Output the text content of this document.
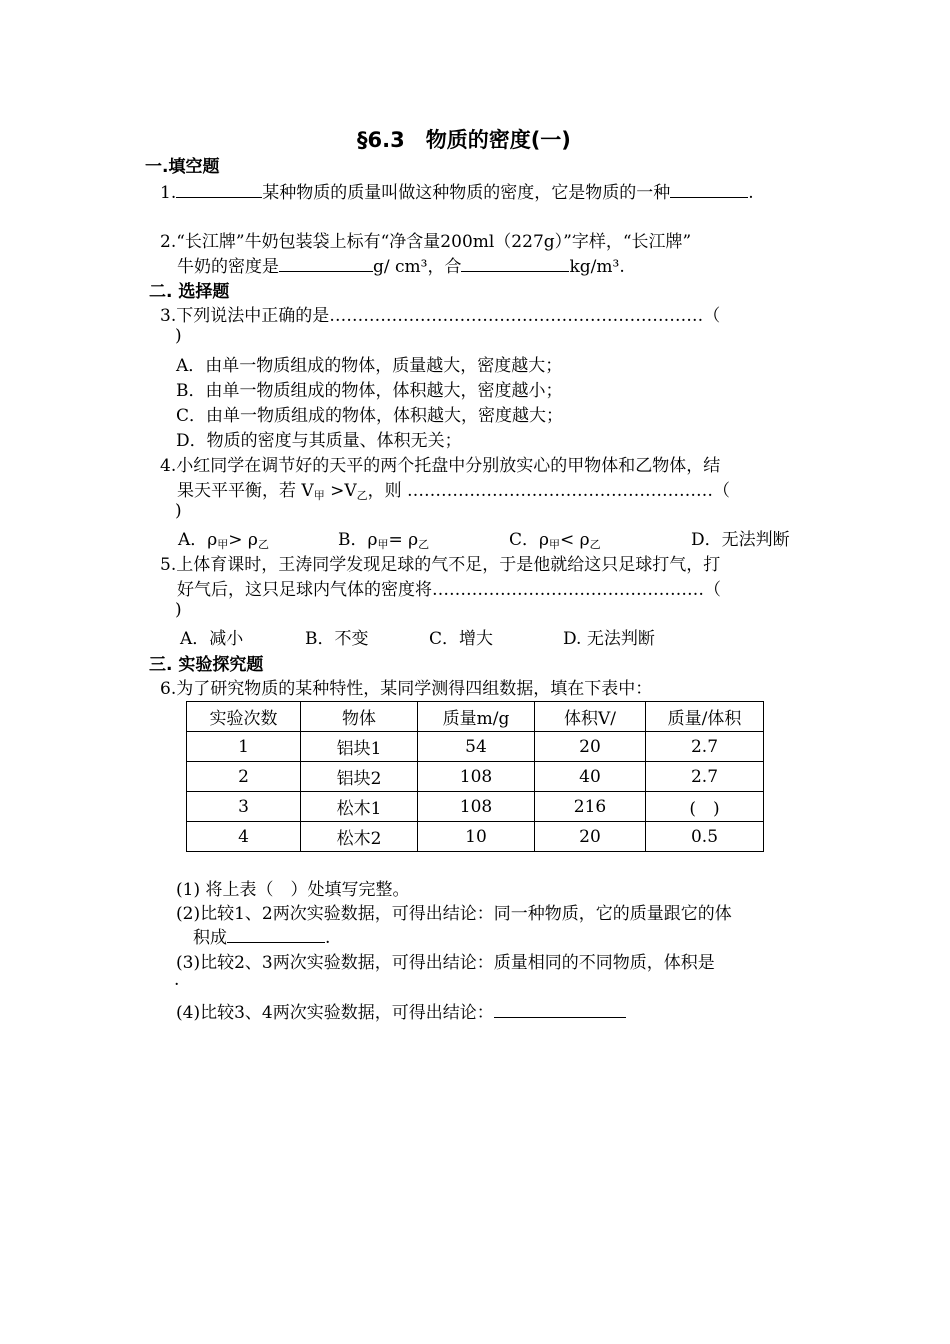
§6.3　物质的密度(一)
一.填空题
1.	某种物质的质量叫做这种物质的密度，它是物质的一种	.
2.“长江牌”牛奶包装袋上标有“净含量200ml（227g）”字样，“长江牌”
牛奶的密度是	g/ cm³，合	kg/m³.
二. 选择题
3.下列说法中正确的是…………………………………………………………（
)
A．由单一物质组成的物体，质量越大，密度越大；
B．由单一物质组成的物体，体积越大，密度越小；
C．由单一物质组成的物体，体积越大，密度越大；
D．物质的密度与其质量、体积无关；
4.小红同学在调节好的天平的两个托盘中分别放实心的甲物体和乙物体，结
果天平平衡，若 V甲 >V乙，则 ………………………………………………（
)
A．ρ甲> ρ乙	B．ρ甲= ρ乙	C．ρ甲< ρ乙	D．无法判断
5.上体育课时，王涛同学发现足球的气不足，于是他就给这只足球打气，打
好气后，这只足球内气体的密度将…………………………………………（
)
A．减小	B．不变	C．增大	D. 无法判断
三. 实验探究题
6.为了研究物质的某种特性，某同学测得四组数据，填在下表中：
实验次数	物体	质量m/g	体积V/	质量/体积
1	铝块1	54	20	2.7
2	铝块2	108	40	2.7
3	松木1	108	216	(　)
4	松木2	10	20	0.5
(1) 将上表（　）处填写完整。
(2)比较1、2两次实验数据，可得出结论：同一种物质，它的质量跟它的体
积成	.
(3)比较2、3两次实验数据，可得出结论：质量相同的不同物质，体积是
.
(4)比较3、4两次实验数据，可得出结论：
